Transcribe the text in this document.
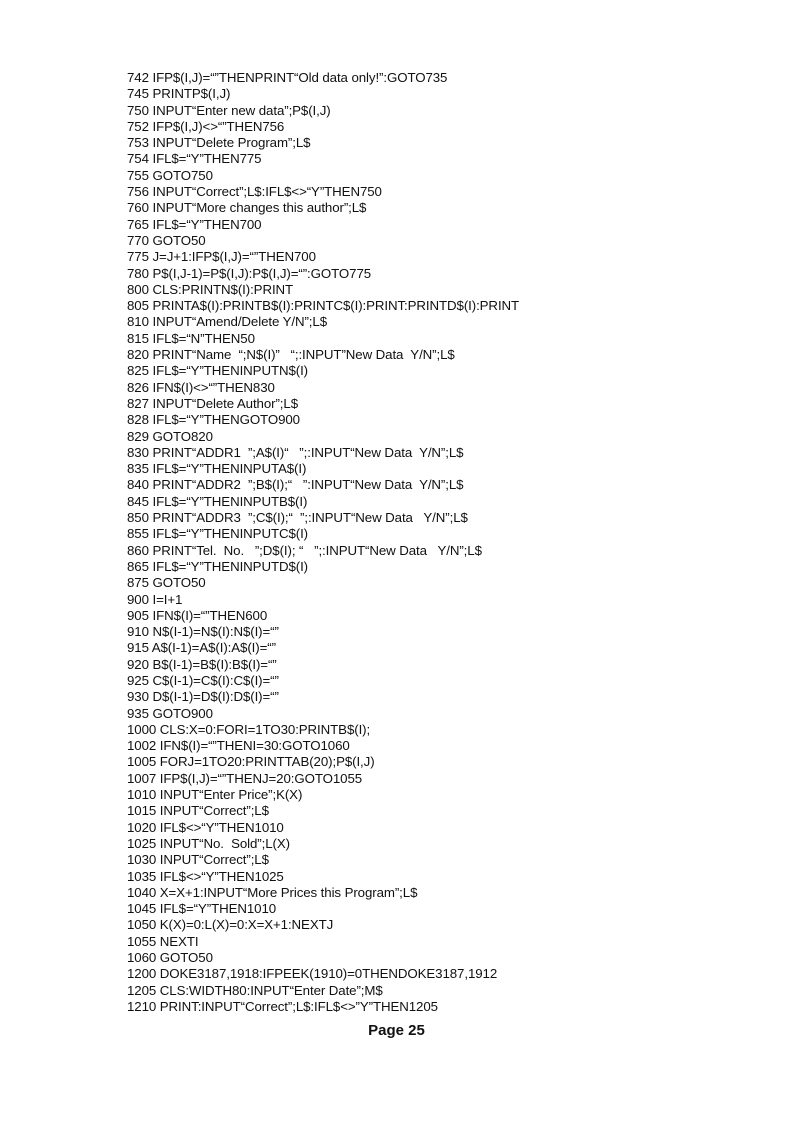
742 IFP$(I,J)=“”THENPRINT“Old data only!”:GOTO735
745 PRINTP$(I,J)
750 INPUT“Enter new data”;P$(I,J)
752 IFP$(I,J)<>“”THEN756
753 INPUT“Delete Program”;L$
754 IFL$=“Y”THEN775
755 GOTO750
756 INPUT“Correct”;L$:IFL$<>“Y”THEN750
760 INPUT“More changes this author”;L$
765 IFL$=“Y”THEN700
770 GOTO50
775 J=J+1:IFP$(I,J)=“”THEN700
780 P$(I,J-1)=P$(I,J):P$(I,J)=“”:GOTO775
800 CLS:PRINTN$(I):PRINT
805 PRINTA$(I):PRINTB$(I):PRINTC$(I):PRINT:PRINTD$(I):PRINT
810 INPUT“Amend/Delete Y/N”;L$
815 IFL$=“N”THEN50
820 PRINT“Name  “;N$(I)”   “;:INPUT”New Data  Y/N”;L$
825 IFL$=“Y”THENINPUTN$(I)
826 IFN$(I)<>“”THEN830
827 INPUT“Delete Author”;L$
828 IFL$=“Y”THENGOTO900
829 GOTO820
830 PRINT“ADDR1  ”;A$(I)“   ”;:INPUT“New Data  Y/N”;L$
835 IFL$=“Y”THENINPUTA$(I)
840 PRINT“ADDR2  ”;B$(I);“   ”:INPUT“New Data  Y/N”;L$
845 IFL$=“Y”THENINPUTB$(I)
850 PRINT“ADDR3  ”;C$(I);“  ”;:INPUT“New Data   Y/N”;L$
855 IFL$=“Y”THENINPUTC$(I)
860 PRINT“Tel.  No.   ”;D$(I); “   ”;:INPUT“New Data   Y/N”;L$
865 IFL$=“Y”THENINPUTD$(I)
875 GOTO50
900 I=I+1
905 IFN$(I)=“”THEN600
910 N$(I-1)=N$(I):N$(I)=“”
915 A$(I-1)=A$(I):A$(I)=“”
920 B$(I-1)=B$(I):B$(I)=“”
925 C$(I-1)=C$(I):C$(I)=“”
930 D$(I-1)=D$(I):D$(I)=“”
935 GOTO900
1000 CLS:X=0:FORI=1TO30:PRINTB$(I);
1002 IFN$(I)=“”THENI=30:GOTO1060
1005 FORJ=1TO20:PRINTTAB(20);P$(I,J)
1007 IFP$(I,J)=“”THENJ=20:GOTO1055
1010 INPUT“Enter Price”;K(X)
1015 INPUT“Correct”;L$
1020 IFL$<>“Y”THEN1010
1025 INPUT“No.  Sold”;L(X)
1030 INPUT“Correct”;L$
1035 IFL$<>“Y”THEN1025
1040 X=X+1:INPUT“More Prices this Program”;L$
1045 IFL$=“Y”THEN1010
1050 K(X)=0:L(X)=0:X=X+1:NEXTJ
1055 NEXTI
1060 GOTO50
1200 DOKE3187,1918:IFPEEK(1910)=0THENDOKE3187,1912
1205 CLS:WIDTH80:INPUT“Enter Date”;M$
1210 PRINT:INPUT“Correct”;L$:IFL$<>”Y”THEN1205
Page 25
